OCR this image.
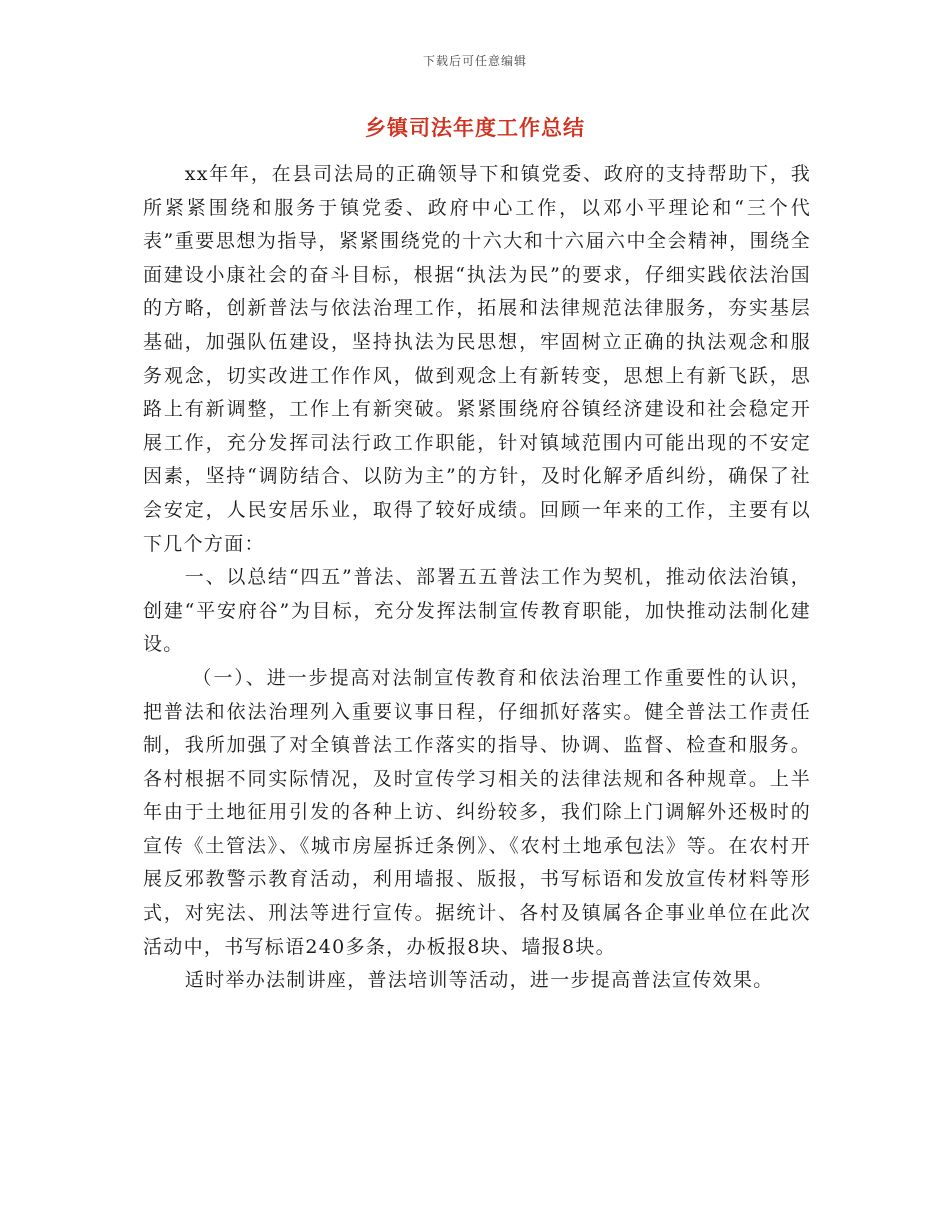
下载后可任意编辑
乡镇司法年度工作总结

xx年年，在县司法局的正确领导下和镇党委、政府的支持帮助下，我所紧紧围绕和服务于镇党委、政府中心工作，以邓小平理论和“三个代表”重要思想为指导，紧紧围绕党的十六大和十六届六中全会精神，围绕全面建设小康社会的奋斗目标，根据“执法为民”的要求，仔细实践依法治国的方略，创新普法与依法治理工作，拓展和法律规范法律服务，夯实基层基础，加强队伍建设，坚持执法为民思想，牢固树立正确的执法观念和服务观念，切实改进工作作风，做到观念上有新转变，思想上有新飞跃，思路上有新调整，工作上有新突破。紧紧围绕府谷镇经济建设和社会稳定开展工作，充分发挥司法行政工作职能，针对镇域范围内可能出现的不安定因素，坚持“调防结合、以防为主”的方针，及时化解矛盾纠纷，确保了社会安定，人民安居乐业，取得了较好成绩。回顾一年来的工作，主要有以下几个方面：

一、以总结“四五”普法、部署五五普法工作为契机，推动依法治镇，创建“平安府谷”为目标，充分发挥法制宣传教育职能，加快推动法制化建设。

（一）、进一步提高对法制宣传教育和依法治理工作重要性的认识，把普法和依法治理列入重要议事日程，仔细抓好落实。健全普法工作责任制，我所加强了对全镇普法工作落实的指导、协调、监督、检查和服务。各村根据不同实际情况，及时宣传学习相关的法律法规和各种规章。上半年由于土地征用引发的各种上访、纠纷较多，我们除上门调解外还极时的宣传《土管法》、《城市房屋拆迁条例》、《农村土地承包法》等。在农村开展反邪教警示教育活动，利用墙报、版报，书写标语和发放宣传材料等形式，对宪法、刑法等进行宣传。据统计、各村及镇属各企事业单位在此次活动中，书写标语240多条，办板报8块、墙报8块。

适时举办法制讲座，普法培训等活动，进一步提高普法宣传效果。
